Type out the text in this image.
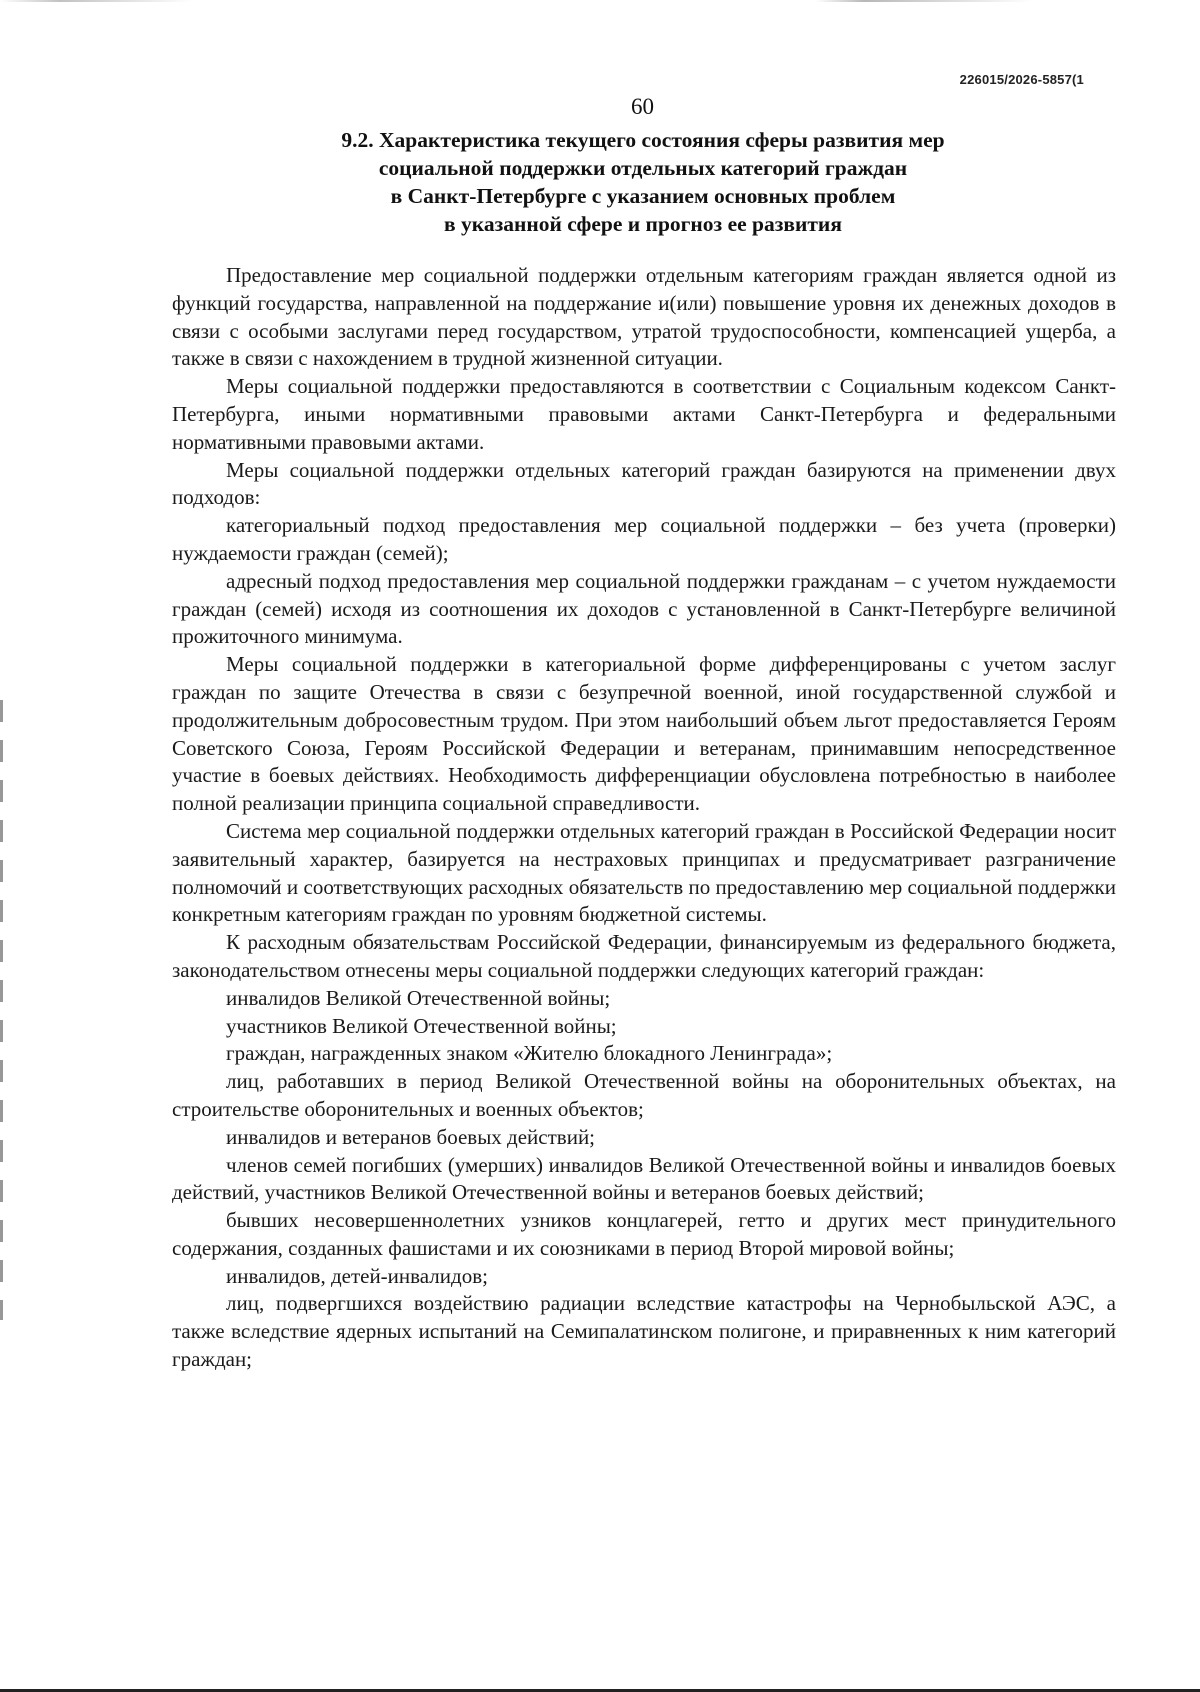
226015/2026-5857(1
60
9.2. Характеристика текущего состояния сферы развития мер
социальной поддержки отдельных категорий граждан
в Санкт-Петербурге с указанием основных проблем
в указанной сфере и прогноз ее развития

Предоставление мер социальной поддержки отдельным категориям граждан является одной из функций государства, направленной на поддержание и(или) повышение уровня их денежных доходов в связи с особыми заслугами перед государством, утратой трудоспособности, компенсацией ущерба, а также в связи с нахождением в трудной жизненной ситуации.

Меры социальной поддержки предоставляются в соответствии с Социальным кодексом Санкт-Петербурга, иными нормативными правовыми актами Санкт-Петербурга и федеральными нормативными правовыми актами.

Меры социальной поддержки отдельных категорий граждан базируются на применении двух подходов:

категориальный подход предоставления мер социальной поддержки – без учета (проверки) нуждаемости граждан (семей);

адресный подход предоставления мер социальной поддержки гражданам – с учетом нуждаемости граждан (семей) исходя из соотношения их доходов с установленной в Санкт-Петербурге величиной прожиточного минимума.

Меры социальной поддержки в категориальной форме дифференцированы с учетом заслуг граждан по защите Отечества в связи с безупречной военной, иной государственной службой и продолжительным добросовестным трудом. При этом наибольший объем льгот предоставляется Героям Советского Союза, Героям Российской Федерации и ветеранам, принимавшим непосредственное участие в боевых действиях. Необходимость дифференциации обусловлена потребностью в наиболее полной реализации принципа социальной справедливости.

Система мер социальной поддержки отдельных категорий граждан в Российской Федерации носит заявительный характер, базируется на нестраховых принципах и предусматривает разграничение полномочий и соответствующих расходных обязательств по предоставлению мер социальной поддержки конкретным категориям граждан по уровням бюджетной системы.

К расходным обязательствам Российской Федерации, финансируемым из федерального бюджета, законодательством отнесены меры социальной поддержки следующих категорий граждан:

инвалидов Великой Отечественной войны;

участников Великой Отечественной войны;

граждан, награжденных знаком «Жителю блокадного Ленинграда»;

лиц, работавших в период Великой Отечественной войны на оборонительных объектах, на строительстве оборонительных и военных объектов;

инвалидов и ветеранов боевых действий;

членов семей погибших (умерших) инвалидов Великой Отечественной войны и инвалидов боевых действий, участников Великой Отечественной войны и ветеранов боевых действий;

бывших несовершеннолетних узников концлагерей, гетто и других мест принудительного содержания, созданных фашистами и их союзниками в период Второй мировой войны;

инвалидов, детей-инвалидов;

лиц, подвергшихся воздействию радиации вследствие катастрофы на Чернобыльской АЭС, а также вследствие ядерных испытаний на Семипалатинском полигоне, и приравненных к ним категорий граждан;
